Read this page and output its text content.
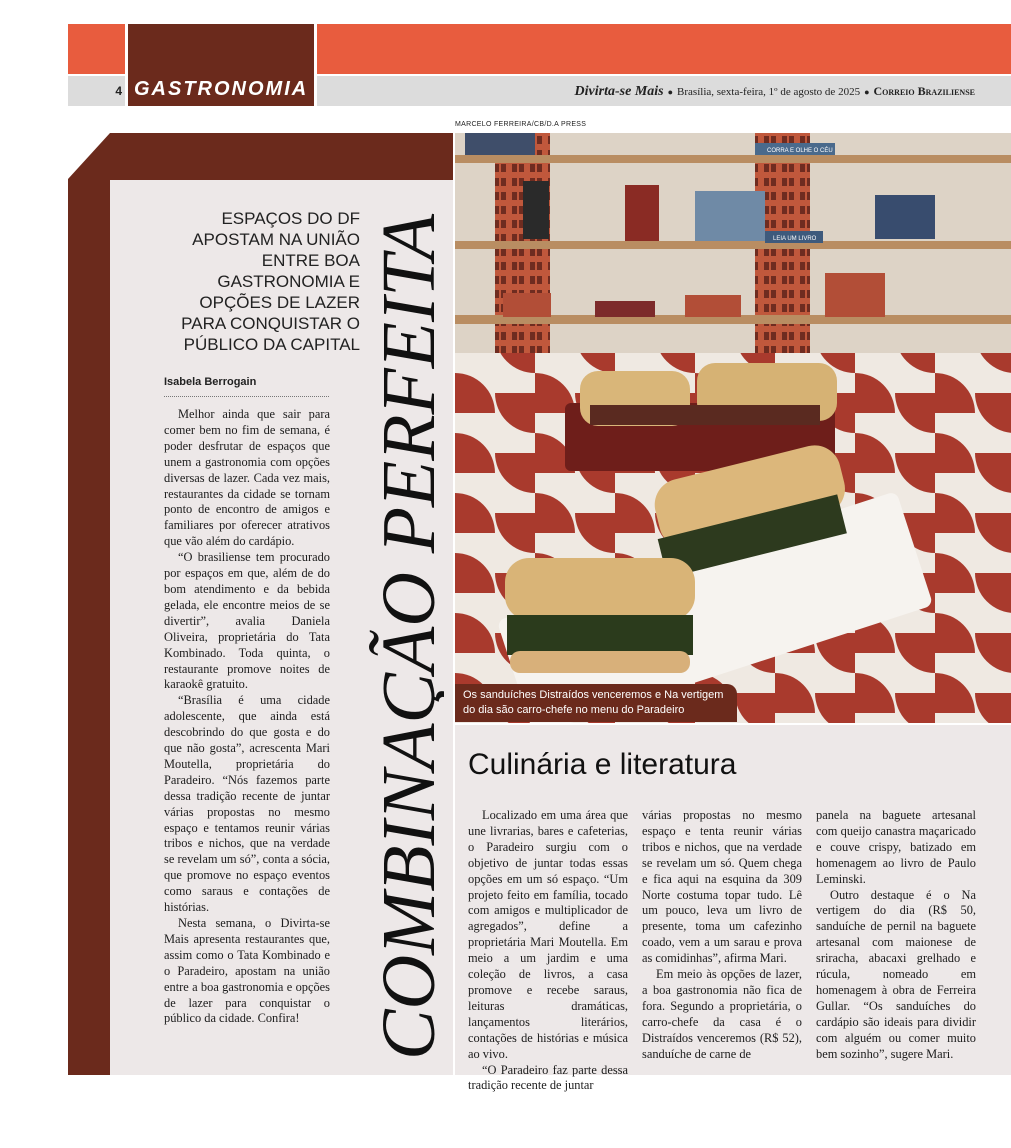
4 GASTRONOMIA	Divirta-se Mais ● Brasília, sexta-feira, 1º de agosto de 2025 ● Correio Braziliense
MARCELO FERREIRA/CB/D.A PRESS
COMBINAÇÃO PERFEITA
ESPAÇOS DO DF APOSTAM NA UNIÃO ENTRE BOA GASTRONOMIA E OPÇÕES DE LAZER PARA CONQUISTAR O PÚBLICO DA CAPITAL
Isabela Berrogain

Melhor ainda que sair para comer bem no fim de semana, é poder desfrutar de espaços que unem a gastronomia com opções diversas de lazer. Cada vez mais, restaurantes da cidade se tornam ponto de encontro de amigos e familiares por oferecer atrativos que vão além do cardápio.

“O brasiliense tem procurado por espaços em que, além de do bom atendimento e da bebida gelada, ele encontre meios de se divertir”, avalia Daniela Oliveira, proprietária do Tata Kombinado. Toda quinta, o restaurante promove noites de karaokê gratuito.

“Brasília é uma cidade adolescente, que ainda está descobrindo do que gosta e do que não gosta”, acrescenta Mari Moutella, proprietária do Paradeiro. “Nós fazemos parte dessa tradição recente de juntar várias propostas no mesmo espaço e tentamos reunir várias tribos e nichos, que na verdade se revelam um só”, conta a sócia, que promove no espaço eventos como saraus e contações de histórias.

Nesta semana, o Divirta-se Mais apresenta restaurantes que, assim como o Tata Kombinado e o Paradeiro, apostam na união entre a boa gastronomia e opções de lazer para conquistar o público da cidade. Confira!

CORRA E OLHE O CÉU
LEIA UM LIVRO
Os sanduíches Distraídos venceremos e Na vertigem do dia são carro-chefe no menu do Paradeiro
Culinária e literatura

Localizado em uma área que une livrarias, bares e cafeterias, o Paradeiro surgiu com o objetivo de juntar todas essas opções em um só espaço. “Um projeto feito em família, tocado com amigos e multiplicador de agregados”, define a proprietária Mari Moutella. Em meio a um jardim e uma coleção de livros, a casa promove e recebe saraus, leituras dramáticas, lançamentos literários, contações de histórias e música ao vivo.

“O Paradeiro faz parte dessa tradição recente de juntar

várias propostas no mesmo espaço e tenta reunir várias tribos e nichos, que na verdade se revelam um só. Quem chega e fica aqui na esquina da 309 Norte costuma topar tudo. Lê um pouco, leva um livro de presente, toma um cafezinho coado, vem a um sarau e prova as comidinhas”, afirma Mari.

Em meio às opções de lazer, a boa gastronomia não fica de fora. Segundo a proprietária, o carro-chefe da casa é o Distraídos venceremos (R$ 52), sanduíche de carne de

panela na baguete artesanal com queijo canastra maçaricado e couve crispy, batizado em homenagem ao livro de Paulo Leminski.

Outro destaque é o Na vertigem do dia (R$ 50, sanduíche de pernil na baguete artesanal com maionese de sriracha, abacaxi grelhado e rúcula, nomeado em homenagem à obra de Ferreira Gullar. “Os sanduíches do cardápio são ideais para dividir com alguém ou comer muito bem sozinho”, sugere Mari.
